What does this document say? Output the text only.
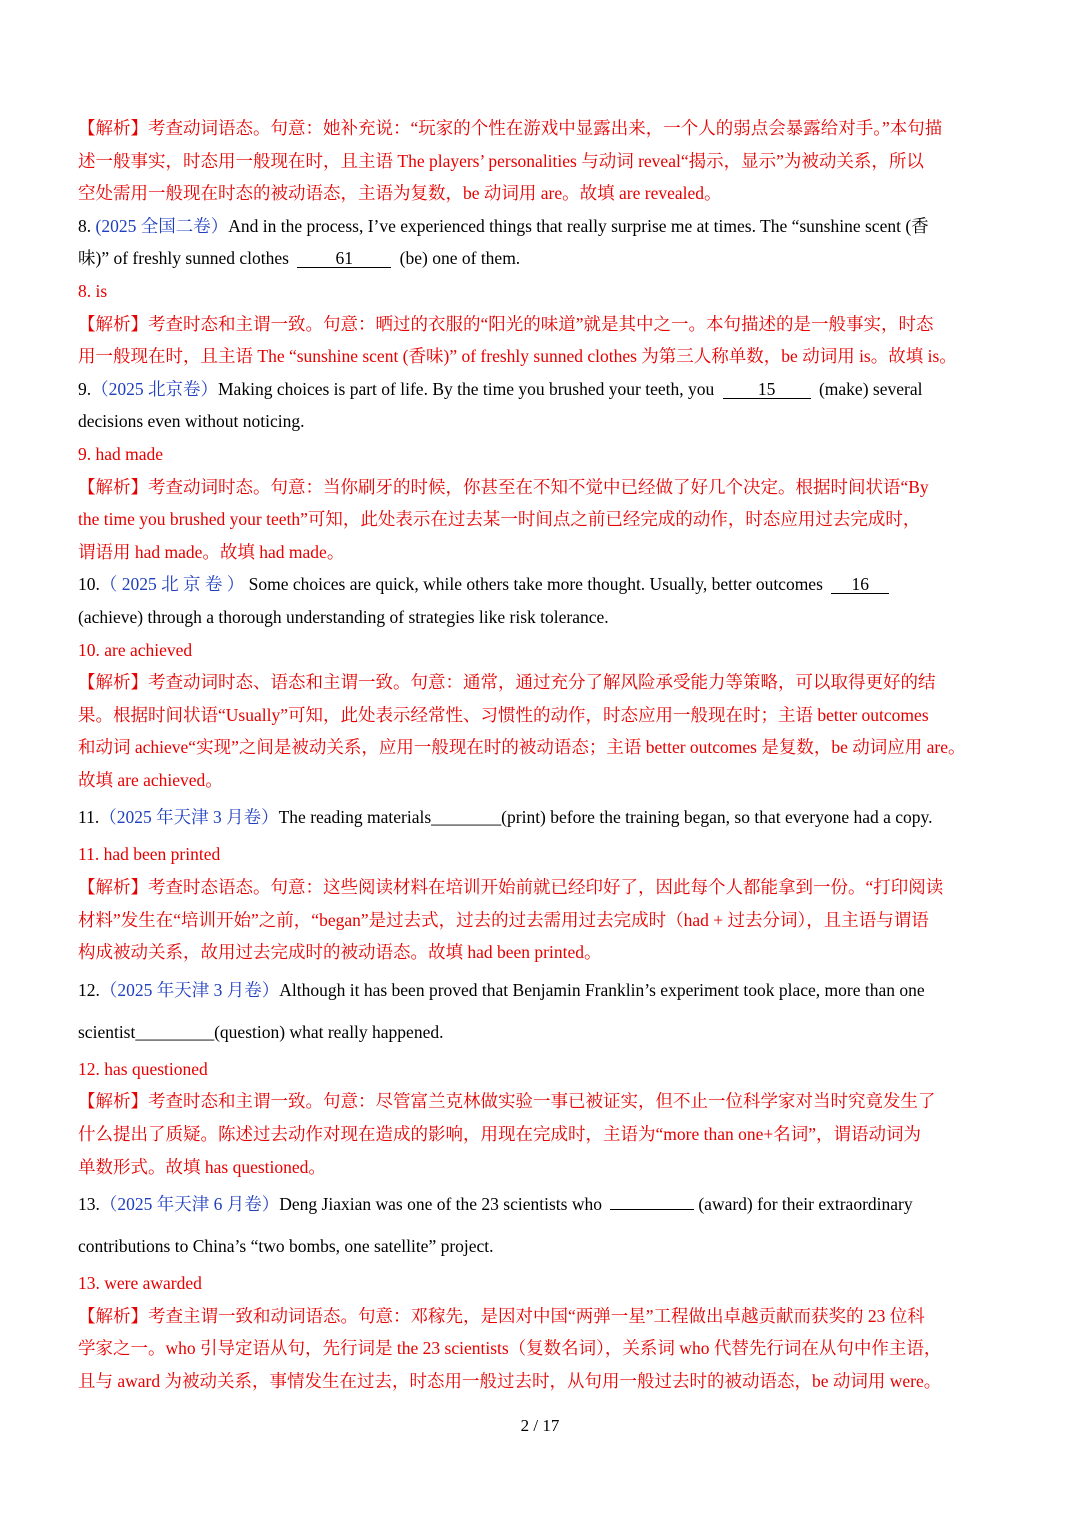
【解析】考查动词语态。句意：她补充说：“玩家的个性在游戏中显露出来，一个人的弱点会暴露给对手。”本句描
述一般事实，时态用一般现在时，且主语 The players’ personalities 与动词 reveal“揭示，显示”为被动关系，所以
空处需用一般现在时态的被动语态，主语为复数，be 动词用 are。故填 are revealed。
8. (2025 全国二卷）And in the process, I’ve experienced things that really surprise me at times. The “sunshine scent (香
味)” of freshly sunned clothes 61 (be) one of them.
8. is
【解析】考查时态和主谓一致。句意：晒过的衣服的“阳光的味道”就是其中之一。本句描述的是一般事实，时态
用一般现在时，且主语 The “sunshine scent (香味)” of freshly sunned clothes 为第三人称单数，be 动词用 is。故填 is。
9.（2025 北京卷）Making choices is part of life. By the time you brushed your teeth, you 15 (make) several
decisions even without noticing.
9. had made
【解析】考查动词时态。句意：当你刷牙的时候，你甚至在不知不觉中已经做了好几个决定。根据时间状语“By
the time you brushed your teeth”可知，此处表示在过去某一时间点之前已经完成的动作，时态应用过去完成时，
谓语用 had made。故填 had made。
10.（ 2025 北 京 卷 ） Some choices are quick, while others take more thought. Usually, better outcomes 16
(achieve) through a thorough understanding of strategies like risk tolerance.
10. are achieved
【解析】考查动词时态、语态和主谓一致。句意：通常，通过充分了解风险承受能力等策略，可以取得更好的结
果。根据时间状语“Usually”可知，此处表示经常性、习惯性的动作，时态应用一般现在时；主语 better outcomes
和动词 achieve“实现”之间是被动关系，应用一般现在时的被动语态；主语 better outcomes 是复数，be 动词应用 are。
故填 are achieved。
11.（2025 年天津 3 月卷）The reading materials________(print) before the training began, so that everyone had a copy.
11. had been printed
【解析】考查时态语态。句意：这些阅读材料在培训开始前就已经印好了，因此每个人都能拿到一份。“打印阅读
材料”发生在“培训开始”之前，“began”是过去式，过去的过去需用过去完成时（had + 过去分词），且主语与谓语
构成被动关系，故用过去完成时的被动语态。故填 had been printed。
12.（2025 年天津 3 月卷）Although it has been proved that Benjamin Franklin’s experiment took place, more than one
scientist_________(question) what really happened.
12. has questioned
【解析】考查时态和主谓一致。句意：尽管富兰克林做实验一事已被证实，但不止一位科学家对当时究竟发生了
什么提出了质疑。陈述过去动作对现在造成的影响，用现在完成时，主语为“more than one+名词”，谓语动词为
单数形式。故填 has questioned。
13.（2025 年天津 6 月卷）Deng Jiaxian was one of the 23 scientists who	(award) for their extraordinary
contributions to China’s “two bombs, one satellite” project.
13. were awarded
【解析】考查主谓一致和动词语态。句意：邓稼先，是因对中国“两弹一星”工程做出卓越贡献而获奖的 23 位科
学家之一。who 引导定语从句，先行词是 the 23 scientists（复数名词），关系词 who 代替先行词在从句中作主语，
且与 award 为被动关系，事情发生在过去，时态用一般过去时，从句用一般过去时的被动语态，be 动词用 were。
2 / 17
